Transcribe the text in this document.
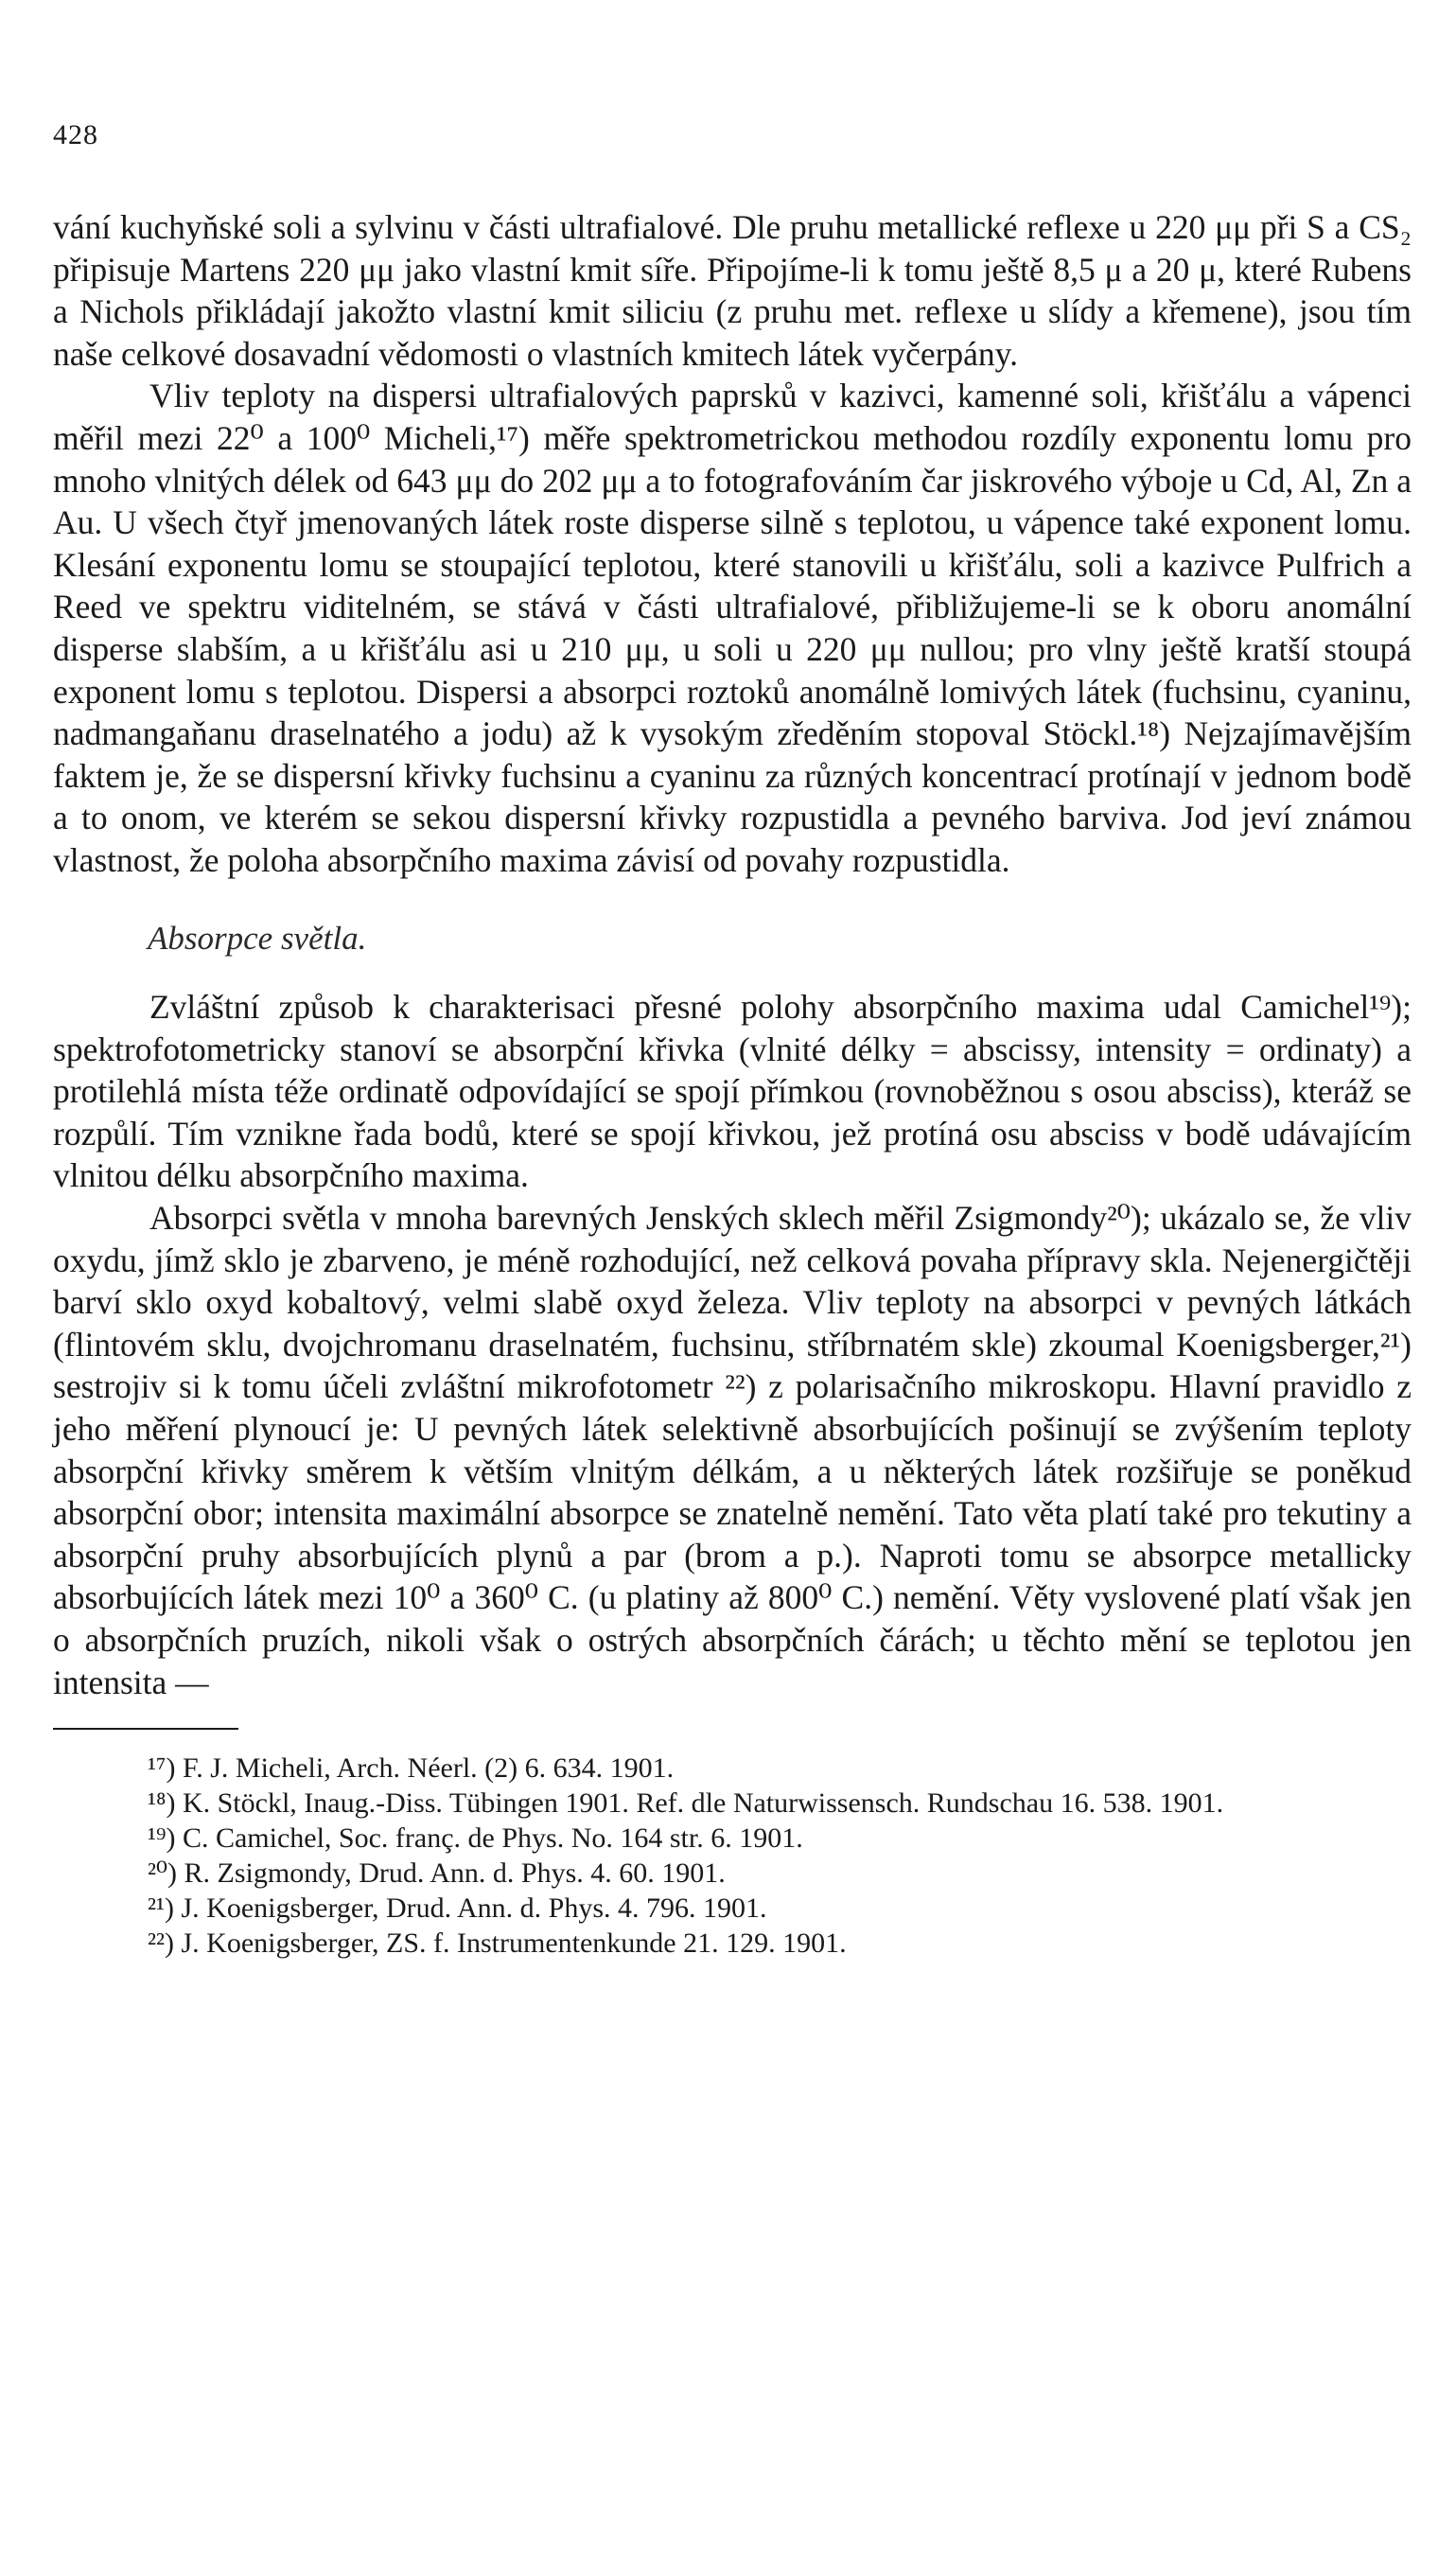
428

vání kuchyňské soli a sylvinu v části ultrafialové. Dle pruhu metallické reflexe u 220 μμ při S a CS₂ připisuje Martens 220 μμ jako vlastní kmit síře. Připojíme-li k tomu ještě 8,5 μ a 20 μ, které Rubens a Nichols přikládají jakožto vlastní kmit siliciu (z pruhu met. reflexe u slídy a křemene), jsou tím naše celkové dosavadní vědomosti o vlastních kmitech látek vyčerpány.

Vliv teploty na dispersi ultrafialových paprsků v kazivci, kamenné soli, křišťálu a vápenci měřil mezi 22⁰ a 100⁰ Micheli,¹⁷) měře spektrometrickou methodou rozdíly exponentu lomu pro mnoho vlnitých délek od 643 μμ do 202 μμ a to fotografováním čar jiskrového výboje u Cd, Al, Zn a Au. U všech čtyř jmenovaných látek roste disperse silně s teplotou, u vápence také exponent lomu. Klesání exponentu lomu se stoupající teplotou, které stanovili u křišťálu, soli a kazivce Pulfrich a Reed ve spektru viditelném, se stává v části ultrafialové, přibližujeme-li se k oboru anomální disperse slabším, a u křišťálu asi u 210 μμ, u soli u 220 μμ nullou; pro vlny ještě kratší stoupá exponent lomu s teplotou. Dispersi a absorpci roztoků anomálně lomivých látek (fuchsinu, cyaninu, nadmangaňanu draselnatého a jodu) až k vysokým zředěním stopoval Stöckl.¹⁸) Nejzajímavějším faktem je, že se dispersní křivky fuchsinu a cyaninu za různých koncentrací protínají v jednom bodě a to onom, ve kterém se sekou dispersní křivky rozpustidla a pevného barviva. Jod jeví známou vlastnost, že poloha absorpčního maxima závisí od povahy rozpustidla.

Absorpce světla.

Zvláštní způsob k charakterisaci přesné polohy absorpčního maxima udal Camichel¹⁹); spektrofotometricky stanoví se absorpční křivka (vlnité délky = abscissy, intensity = ordinaty) a protilehlá místa téže ordinatě odpovídající se spojí přímkou (rovnoběžnou s osou absciss), kteráž se rozpůlí. Tím vznikne řada bodů, které se spojí křivkou, jež protíná osu absciss v bodě udávajícím vlnitou délku absorpčního maxima.

Absorpci světla v mnoha barevných Jenských sklech měřil Zsigmondy²⁰); ukázalo se, že vliv oxydu, jímž sklo je zbarveno, je méně rozhodující, než celková povaha přípravy skla. Nejenergičtěji barví sklo oxyd kobaltový, velmi slabě oxyd železa. Vliv teploty na absorpci v pevných látkách (flintovém sklu, dvojchromanu draselnatém, fuchsinu, stříbrnatém skle) zkoumal Koenigsberger,²¹) sestrojiv si k tomu účeli zvláštní mikrofotometr ²²) z polarisačního mikroskopu. Hlavní pravidlo z jeho měření plynoucí je: U pevných látek selektivně absorbujících pošinují se zvýšením teploty absorpční křivky směrem k větším vlnitým délkám, a u některých látek rozšiřuje se poněkud absorpční obor; intensita maximální absorpce se znatelně nemění. Tato věta platí také pro tekutiny a absorpční pruhy absorbujících plynů a par (brom a p.). Naproti tomu se absorpce metallicky absorbujících látek mezi 10⁰ a 360⁰ C. (u platiny až 800⁰ C.) nemění. Věty vyslovené platí však jen o absorpčních pruzích, nikoli však o ostrých absorpčních čárách; u těchto mění se teplotou jen intensita —

¹⁷) F. J. Micheli, Arch. Néerl. (2) 6. 634. 1901.

¹⁸) K. Stöckl, Inaug.-Diss. Tübingen 1901. Ref. dle Naturwissensch. Rundschau 16. 538. 1901.

¹⁹) C. Camichel, Soc. franç. de Phys. No. 164 str. 6. 1901.

²⁰) R. Zsigmondy, Drud. Ann. d. Phys. 4. 60. 1901.

²¹) J. Koenigsberger, Drud. Ann. d. Phys. 4. 796. 1901.

²²) J. Koenigsberger, ZS. f. Instrumentenkunde 21. 129. 1901.
